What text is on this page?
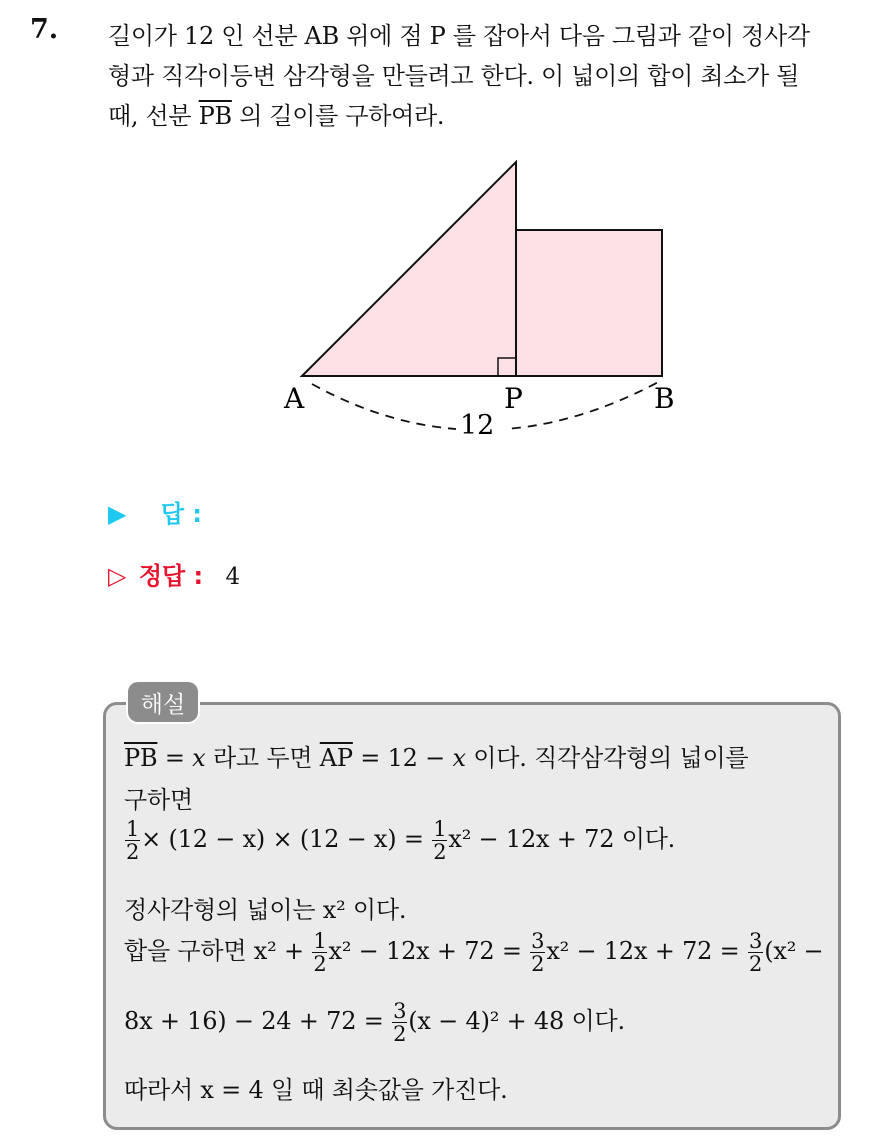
7. 길이가 12 인 선분 AB 위에 점 P 를 잡아서 다음 그림과 같이 정사각
형과 직각이등변 삼각형을 만들려고 한다. 이 넓이의 합이 최소가 될
때, 선분 $\overline{PB}$ 의 길이를 구하여라.
A	P	B
12
▶ 답 :
▷ 정답 : 4
해설
$\overline{PB} = x$ 라고 두면 $\overline{AP} = 12 - x$ 이다. 직각삼각형의 넓이를
구하면
$\frac{1}{2} \times (12 - x) \times (12 - x) = \frac{1}{2} x^2 - 12x + 72$ 이다.
정사각형의 넓이는 x² 이다.
합을 구하면 $x^2 + \frac{1}{2} x^2 - 12x + 72 = \frac{3}{2} x^2 - 12x + 72 = \frac{3}{2} (x^2$ −
$8x + 16) - 24 + 72 = \frac{3}{2} (x - 4)^2 + 48$ 이다.
따라서 x = 4 일 때 최솟값을 가진다.
